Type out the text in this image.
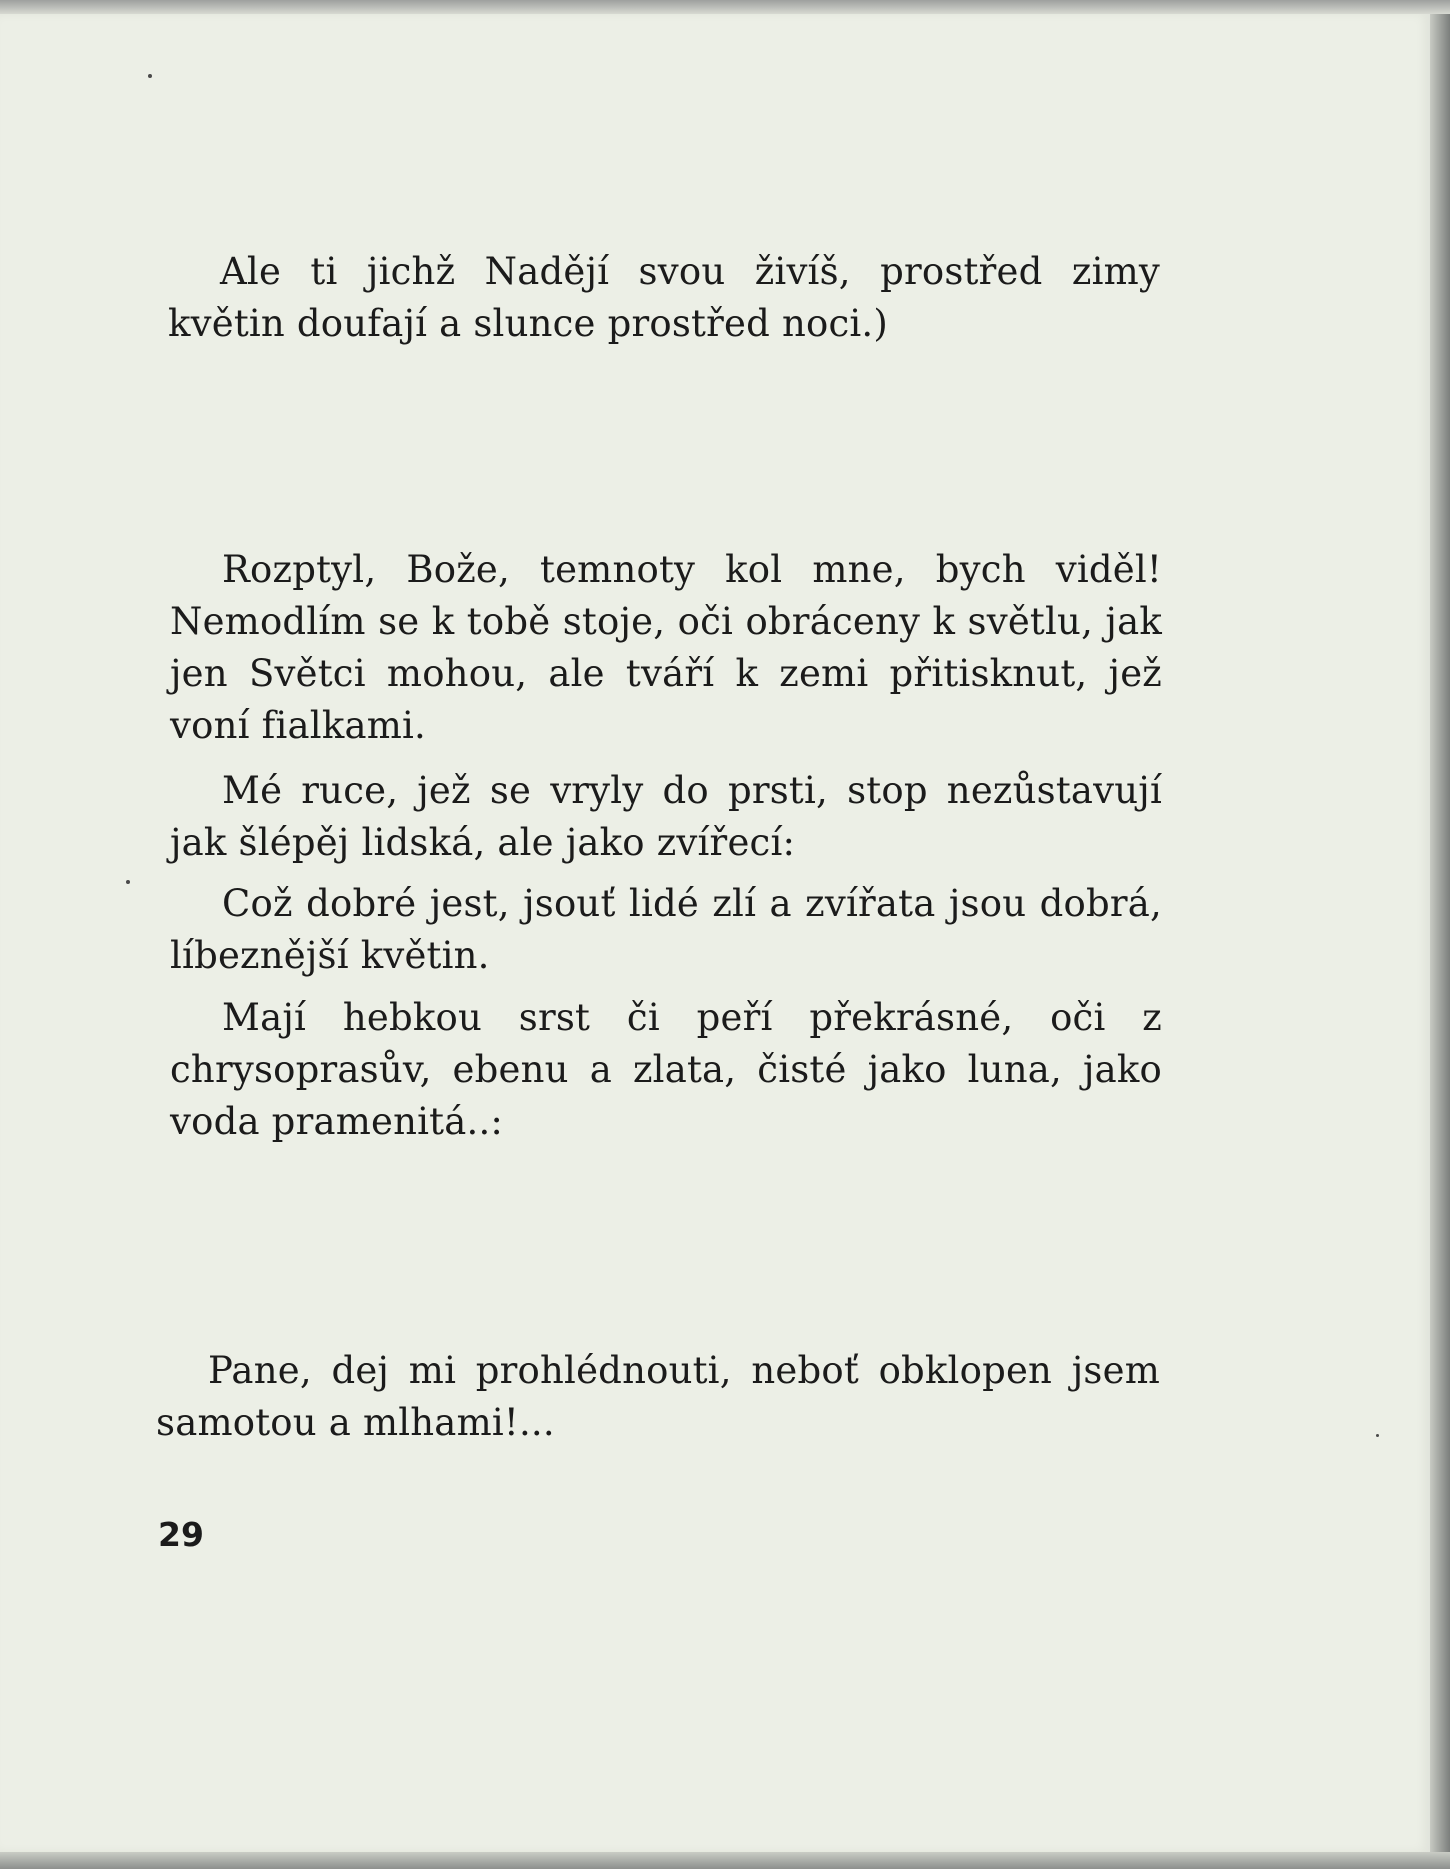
Ale ti jichž Nadějí svou živíš, prostřed zimy květin doufají a slunce prostřed noci.)

Rozptyl, Bože, temnoty kol mne, bych viděl! Nemodlím se k tobě stoje, oči obráceny k světlu, jak jen Světci mohou, ale tváří k zemi přitisknut, jež voní fialkami.

Mé ruce, jež se vryly do prsti, stop nezůstavují jak šlépěj lidská, ale jako zvířecí:

Což dobré jest, jsouť lidé zlí a zvířata jsou dobrá, líbeznější květin.

Mají hebkou srst či peří překrásné, oči z chrysoprasův, ebenu a zlata, čisté jako luna, jako voda pramenitá..:

Pane, dej mi prohlédnouti, neboť obklopen jsem samotou a mlhami!...

29
